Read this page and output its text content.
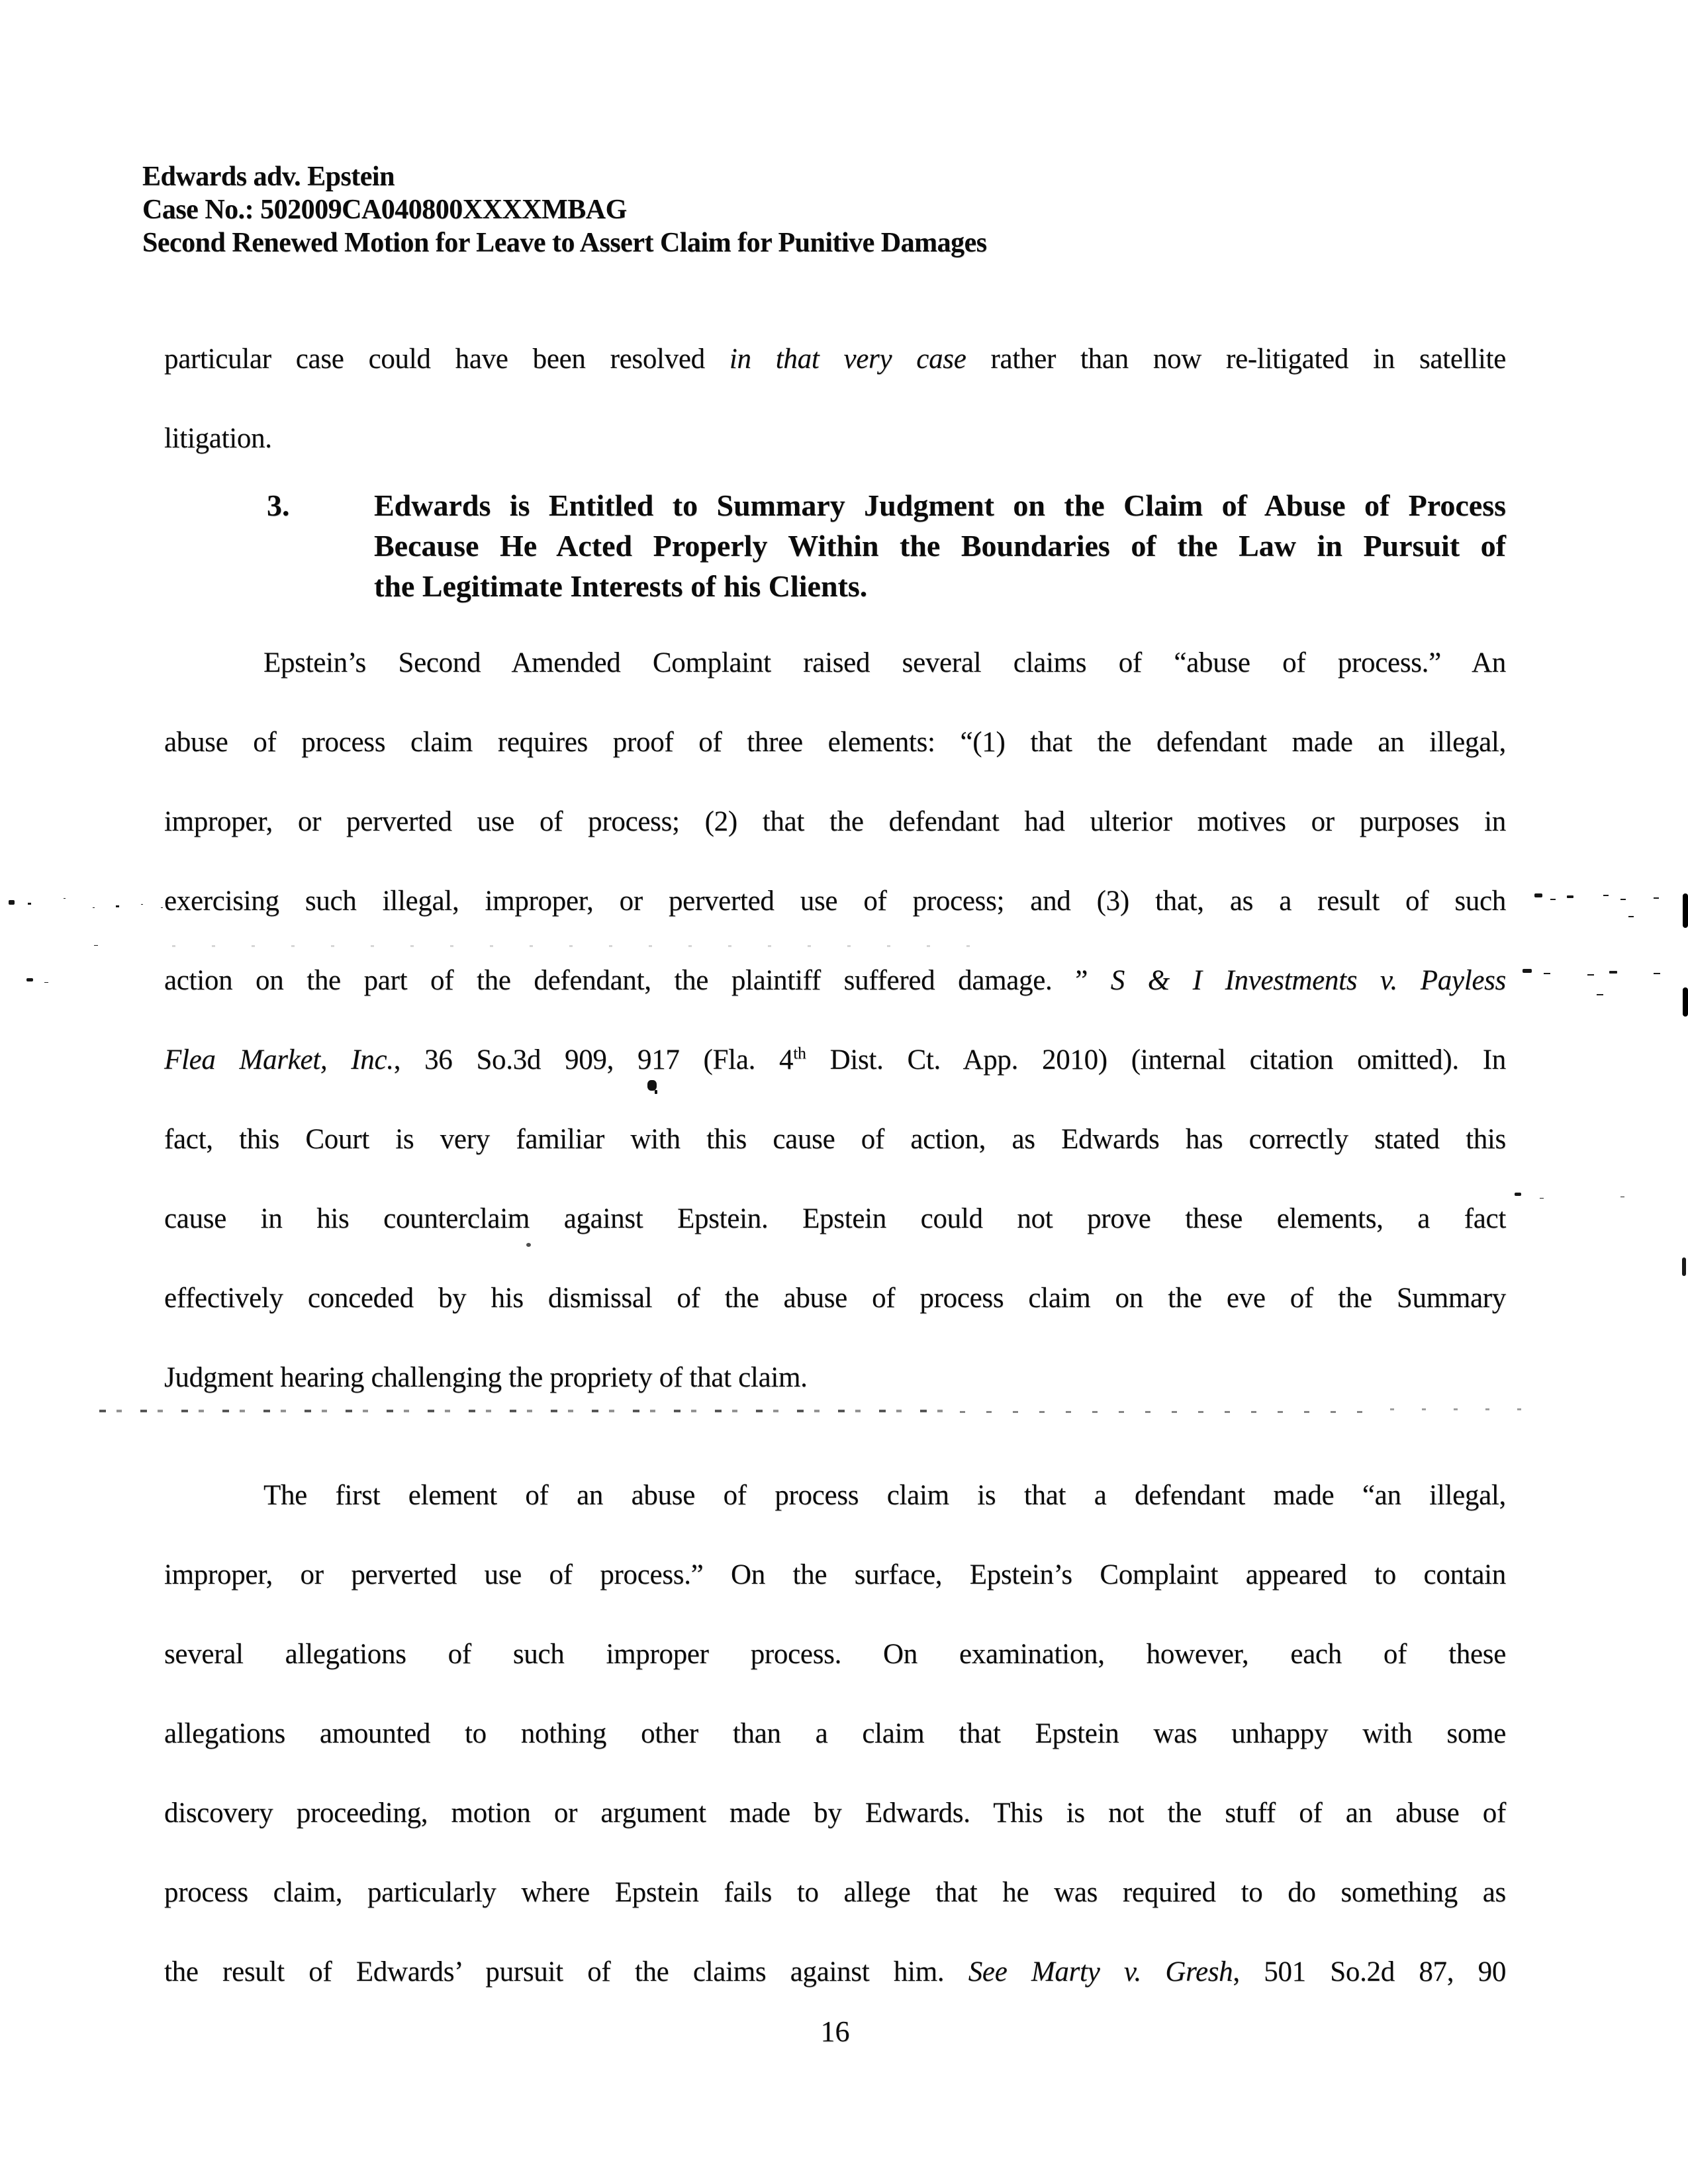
Edwards adv. Epstein
Case No.: 502009CA040800XXXXMBAG
Second Renewed Motion for Leave to Assert Claim for Punitive Damages
particular case could have been resolved in that very case rather than now re-litigated in satellite
litigation.
3.	Edwards is Entitled to Summary Judgment on the Claim of Abuse of Process
Because He Acted Properly Within the Boundaries of the Law in Pursuit of
the Legitimate Interests of his Clients.
Epstein’s Second Amended Complaint raised several claims of “abuse of process.” An
abuse of process claim requires proof of three elements: “(1) that the defendant made an illegal,
improper, or perverted use of process; (2) that the defendant had ulterior motives or purposes in
exercising such illegal, improper, or perverted use of process; and (3) that, as a result of such
action on the part of the defendant, the plaintiff suffered damage. ” S & I Investments v. Payless
Flea Market, Inc., 36 So.3d 909, 917 (Fla. 4th Dist. Ct. App. 2010) (internal citation omitted). In
fact, this Court is very familiar with this cause of action, as Edwards has correctly stated this
cause in his counterclaim against Epstein. Epstein could not prove these elements, a fact
effectively conceded by his dismissal of the abuse of process claim on the eve of the Summary
Judgment hearing challenging the propriety of that claim.
The first element of an abuse of process claim is that a defendant made “an illegal,
improper, or perverted use of process.” On the surface, Epstein’s Complaint appeared to contain
several allegations of such improper process. On examination, however, each of these
allegations amounted to nothing other than a claim that Epstein was unhappy with some
discovery proceeding, motion or argument made by Edwards. This is not the stuff of an abuse of
process claim, particularly where Epstein fails to allege that he was required to do something as
the result of Edwards’ pursuit of the claims against him. See Marty v. Gresh, 501 So.2d 87, 90
16
